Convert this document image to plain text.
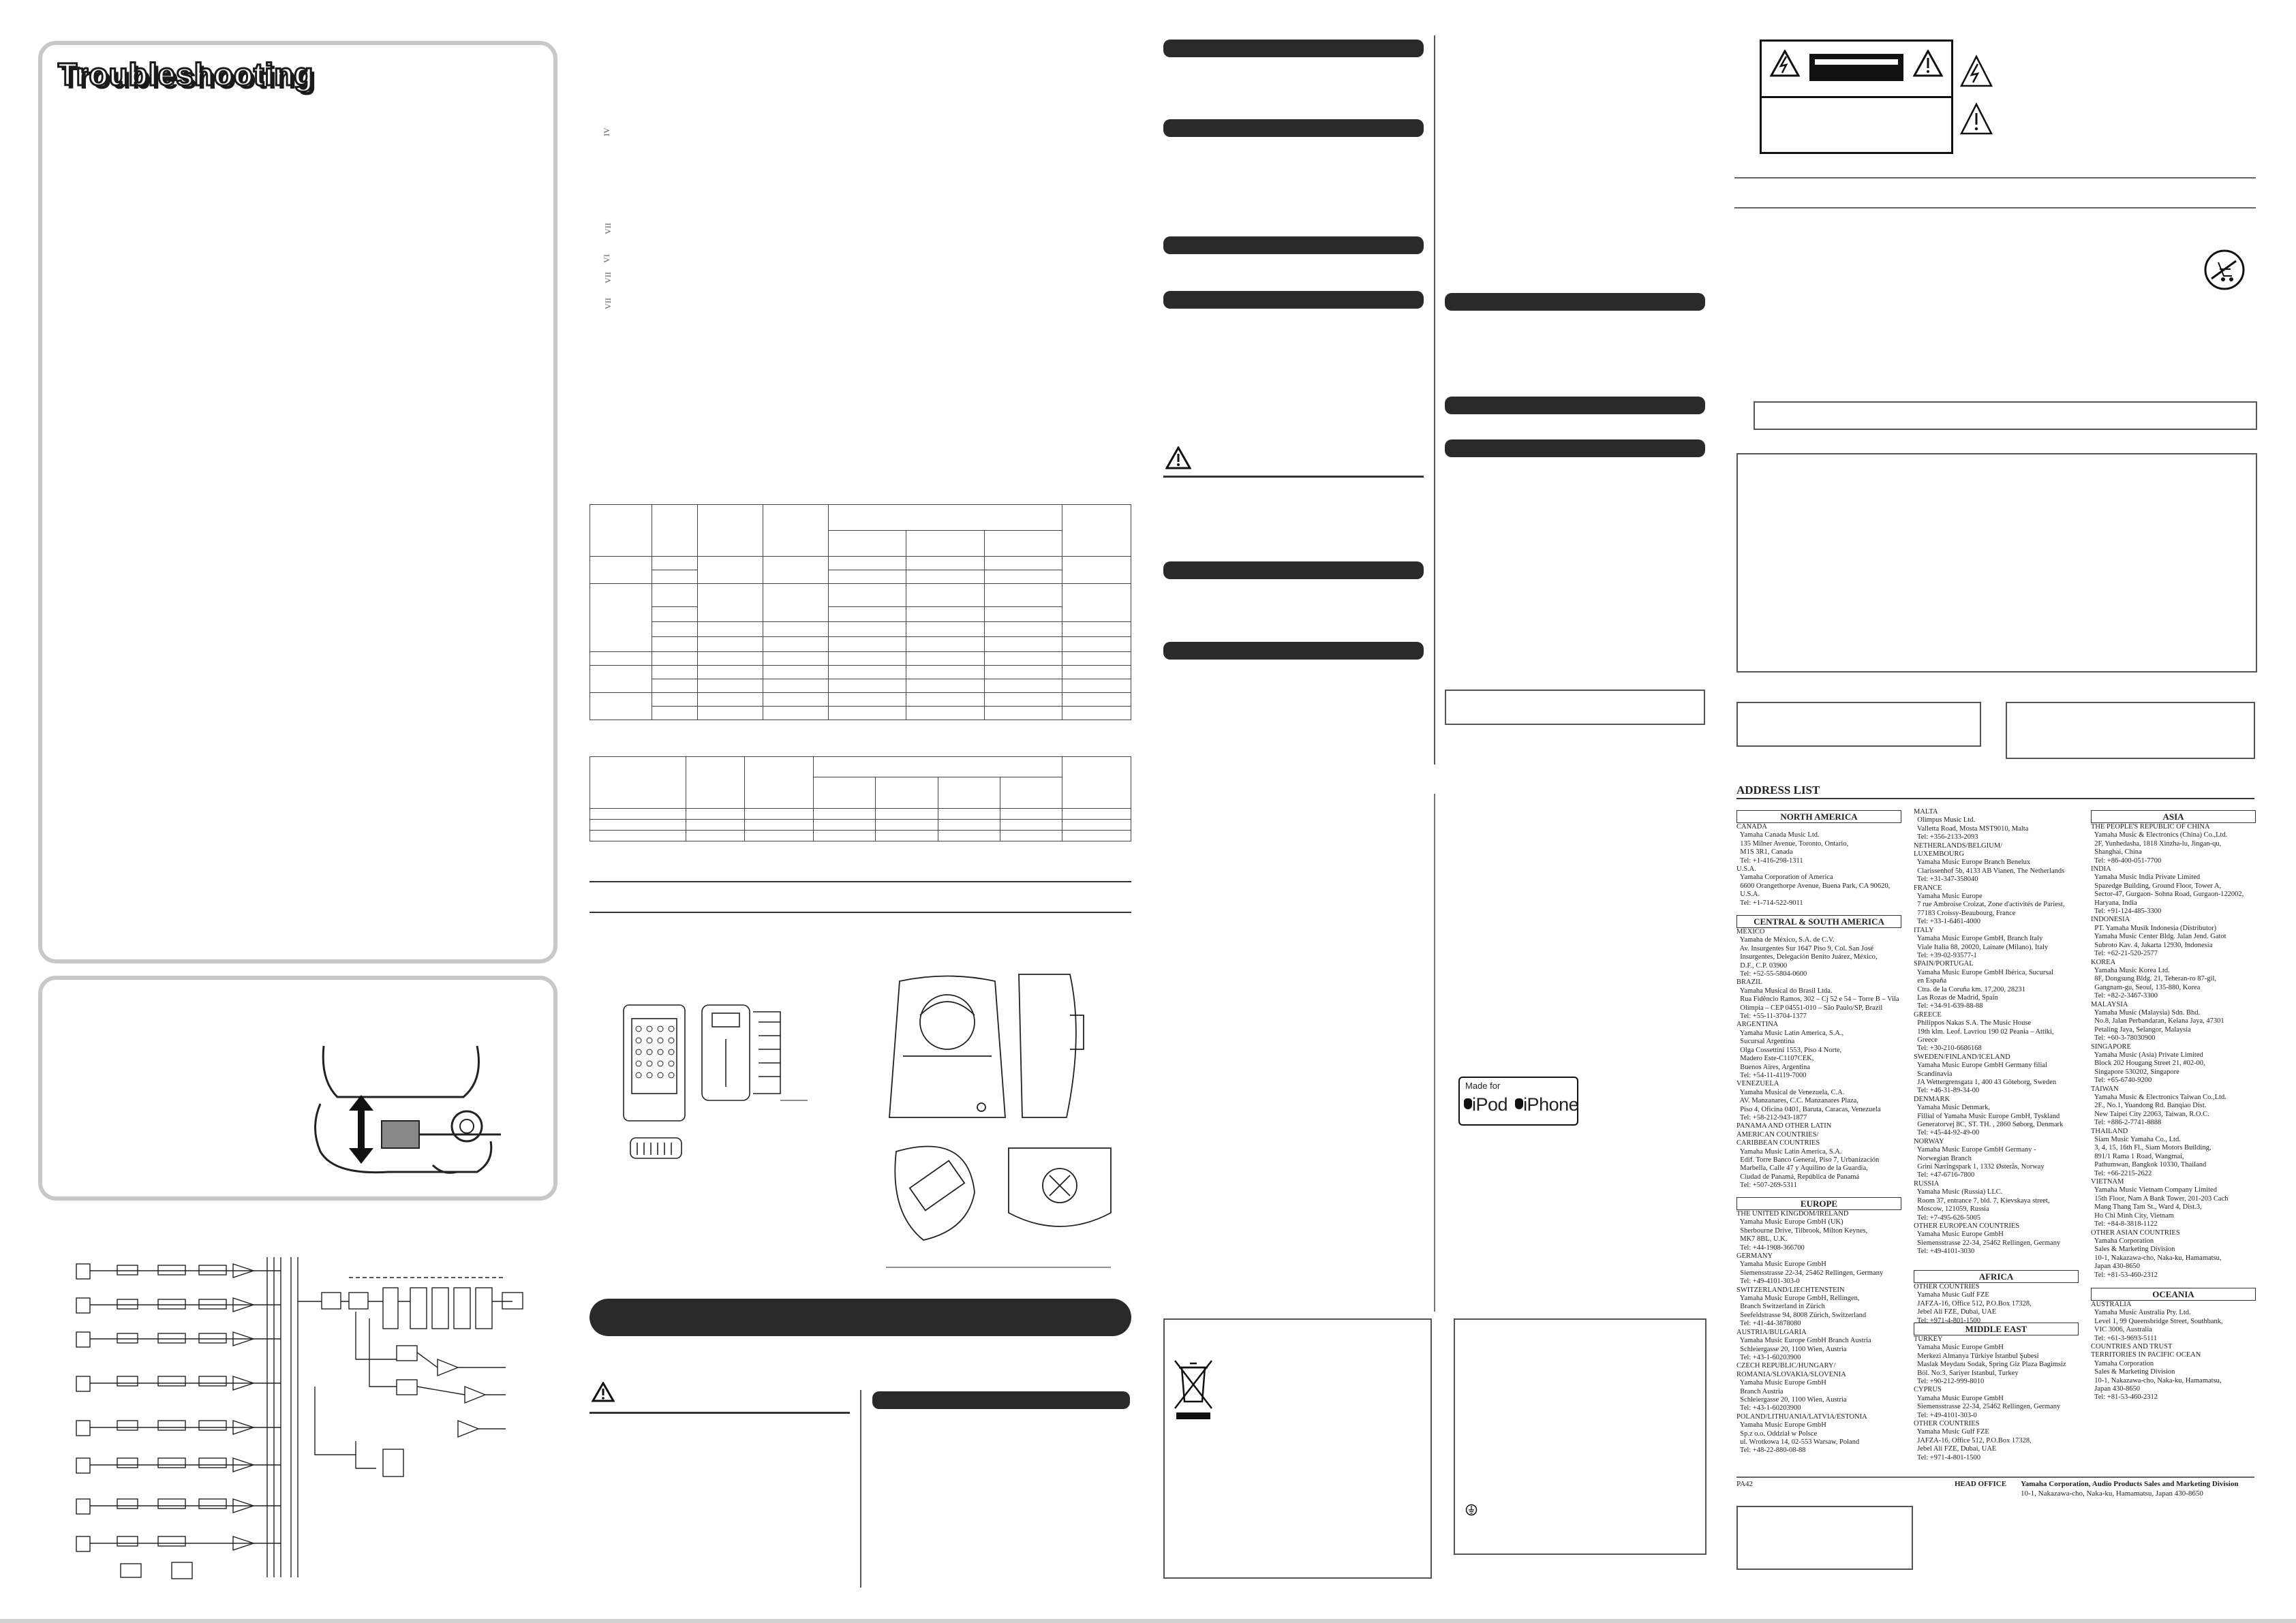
Troubleshooting
IV
VII
VI
VII
VII

Made for
iPod iPhone
ADDRESS LIST
NORTH AMERICA
CANADA
Yamaha Canada Music Ltd.
135 Milner Avenue, Toronto, Ontario,
M1S 3R1, Canada
Tel: +1-416-298-1311
U.S.A.
Yamaha Corporation of America
6600 Orangethorpe Avenue, Buena Park, CA 90620,
U.S.A.
Tel: +1-714-522-9011
CENTRAL & SOUTH AMERICA
MEXICO
Yamaha de México, S.A. de C.V.
Av. Insurgentes Sur 1647 Piso 9, Col. San José
Insurgentes, Delegación Benito Juárez, México,
D.F., C.P. 03900
Tel: +52-55-5804-0600
BRAZIL
Yamaha Musical do Brasil Ltda.
Rua Fidêncio Ramos, 302 – Cj 52 e 54 – Torre B – Vila
Olímpia – CEP 04551-010 – São Paulo/SP, Brazil
Tel: +55-11-3704-1377
ARGENTINA
Yamaha Music Latin America, S.A.,
Sucursal Argentina
Olga Cossettini 1553, Piso 4 Norte,
Madero Este-C1107CEK,
Buenos Aires, Argentina
Tel: +54-11-4119-7000
VENEZUELA
Yamaha Musical de Venezuela, C.A.
AV. Manzanares, C.C. Manzanares Plaza,
Piso 4, Oficina 0401, Baruta, Caracas, Venezuela
Tel: +58-212-943-1877
PANAMA AND OTHER LATIN
AMERICAN COUNTRIES/
CARIBBEAN COUNTRIES
Yamaha Music Latin America, S.A.
Edif. Torre Banco General, Piso 7, Urbanización
Marbella, Calle 47 y Aquilino de la Guardia,
Ciudad de Panamá, República de Panamá
Tel: +507-269-5311
EUROPE
THE UNITED KINGDOM/IRELAND
Yamaha Music Europe GmbH (UK)
Sherbourne Drive, Tilbrook, Milton Keynes,
MK7 8BL, U.K.
Tel: +44-1908-366700
GERMANY
Yamaha Music Europe GmbH
Siemensstrasse 22-34, 25462 Rellingen, Germany
Tel: +49-4101-303-0
SWITZERLAND/LIECHTENSTEIN
Yamaha Music Europe GmbH, Rellingen,
Branch Switzerland in Zürich
Seefeldstrasse 94, 8008 Zürich, Switzerland
Tel: +41-44-3878080
AUSTRIA/BULGARIA
Yamaha Music Europe GmbH Branch Austria
Schleiergasse 20, 1100 Wien, Austria
Tel: +43-1-60203900
CZECH REPUBLIC/HUNGARY/
ROMANIA/SLOVAKIA/SLOVENIA
Yamaha Music Europe GmbH
Branch Austria
Schleiergasse 20, 1100 Wien, Austria
Tel: +43-1-60203900
POLAND/LITHUANIA/LATVIA/ESTONIA
Yamaha Music Europe GmbH
Sp.z o.o. Oddział w Polsce
ul. Wrotkowa 14, 02-553 Warsaw, Poland
Tel: +48-22-880-08-88
MALTA
Olimpus Music Ltd.
Valletta Road, Mosta MST9010, Malta
Tel: +356-2133-2093
NETHERLANDS/BELGIUM/
LUXEMBOURG
Yamaha Music Europe Branch Benelux
Clarissenhof 5b, 4133 AB Vianen, The Netherlands
Tel: +31-347-358040
FRANCE
Yamaha Music Europe
7 rue Ambroise Croizat, Zone d'activités de Pariest,
77183 Croissy-Beaubourg, France
Tel: +33-1-6461-4000
ITALY
Yamaha Music Europe GmbH, Branch Italy
Viale Italia 88, 20020, Lainate (Milano), Italy
Tel: +39-02-93577-1
SPAIN/PORTUGAL
Yamaha Music Europe GmbH Ibérica, Sucursal
en España
Ctra. de la Coruña km. 17,200, 28231
Las Rozas de Madrid, Spain
Tel: +34-91-639-88-88
GREECE
Philippos Nakas S.A. The Music House
19th klm. Leof. Lavriou 190 02 Peania – Attiki,
Greece
Tel: +30-210-6686168
SWEDEN/FINLAND/ICELAND
Yamaha Music Europe GmbH Germany filial
Scandinavia
JA Wettergrensgata 1, 400 43 Göteborg, Sweden
Tel: +46-31-89-34-00
DENMARK
Yamaha Music Denmark,
Fillial of Yamaha Music Europe GmbH, Tyskland
Generatorvej 8C, ST. TH. , 2860 Søborg, Denmark
Tel: +45-44-92-49-00
NORWAY
Yamaha Music Europe GmbH Germany -
Norwegian Branch
Grini Næringspark 1, 1332 Østerås, Norway
Tel: +47-6716-7800
RUSSIA
Yamaha Music (Russia) LLC.
Room 37, entrance 7, bld. 7, Kievskaya street,
Moscow, 121059, Russia
Tel: +7-495-626-5005
OTHER EUROPEAN COUNTRIES
Yamaha Music Europe GmbH
Siemensstrasse 22-34, 25462 Rellingen, Germany
Tel: +49-4101-3030
AFRICA
OTHER COUNTRIES
Yamaha Music Gulf FZE
JAFZA-16, Office 512, P.O.Box 17328,
Jebel Ali FZE, Dubai, UAE
Tel: +971-4-801-1500
MIDDLE EAST
TURKEY
Yamaha Music Europe GmbH
Merkezi Almanya Türkiye İstanbul Şubesi
Maslak Meydanı Sodak, Spring Giz Plaza Bagimsiz
Böl. No:3, Sariyer Istanbul, Turkey
Tel: +90-212-999-8010
CYPRUS
Yamaha Music Europe GmbH
Siemensstrasse 22-34, 25462 Rellingen, Germany
Tel: +49-4101-303-0
OTHER COUNTRIES
Yamaha Music Gulf FZE
JAFZA-16, Office 512, P.O.Box 17328,
Jebel Ali FZE, Dubai, UAE
Tel: +971-4-801-1500
ASIA
THE PEOPLE'S REPUBLIC OF CHINA
Yamaha Music & Electronics (China) Co.,Ltd.
2F, Yunhedasha, 1818 Xinzha-lu, Jingan-qu,
Shanghai, China
Tel: +86-400-051-7700
INDIA
Yamaha Music India Private Limited
Spazedge Building, Ground Floor, Tower A,
Sector-47, Gurgaon- Sohna Road, Gurgaon-122002,
Haryana, India
Tel: +91-124-485-3300
INDONESIA
PT. Yamaha Musik Indonesia (Distributor)
Yamaha Music Center Bldg. Jalan Jend. Gatot
Subroto Kav. 4, Jakarta 12930, Indonesia
Tel: +62-21-520-2577
KOREA
Yamaha Music Korea Ltd.
8F, Dongsung Bldg. 21, Teheran-ro 87-gil,
Gangnam-gu, Seoul, 135-880, Korea
Tel: +82-2-3467-3300
MALAYSIA
Yamaha Music (Malaysia) Sdn. Bhd.
No.8, Jalan Perbandaran, Kelana Jaya, 47301
Petaling Jaya, Selangor, Malaysia
Tel: +60-3-78030900
SINGAPORE
Yamaha Music (Asia) Private Limited
Block 202 Hougang Street 21, #02-00,
Singapore 530202, Singapore
Tel: +65-6740-9200
TAIWAN
Yamaha Music & Electronics Taiwan Co.,Ltd.
2F., No.1, Yuandong Rd. Banqiao Dist.
New Taipei City 22063, Taiwan, R.O.C.
Tel: +886-2-7741-8888
THAILAND
Siam Music Yamaha Co., Ltd.
3, 4, 15, 16th Fl., Siam Motors Building,
891/1 Rama 1 Road, Wangmai,
Pathumwan, Bangkok 10330, Thailand
Tel: +66-2215-2622
VIETNAM
Yamaha Music Vietnam Company Limited
15th Floor, Nam A Bank Tower, 201-203 Cach
Mang Thang Tam St., Ward 4, Dist.3,
Ho Chi Minh City, Vietnam
Tel: +84-8-3818-1122
OTHER ASIAN COUNTRIES
Yamaha Corporation
Sales & Marketing Division
10-1, Nakazawa-cho, Naka-ku, Hamamatsu,
Japan 430-8650
Tel: +81-53-460-2312
OCEANIA
AUSTRALIA
Yamaha Music Australia Pty. Ltd.
Level 1, 99 Queensbridge Street, Southbank,
VIC 3006, Australia
Tel: +61-3-9693-5111
COUNTRIES AND TRUST
TERRITORIES IN PACIFIC OCEAN
Yamaha Corporation
Sales & Marketing Division
10-1, Nakazawa-cho, Naka-ku, Hamamatsu,
Japan 430-8650
Tel: +81-53-460-2312
PA42	HEAD OFFICE Yamaha Corporation, Audio Products Sales and Marketing Division
10-1, Nakazawa-cho, Naka-ku, Hamamatsu, Japan 430-8650
